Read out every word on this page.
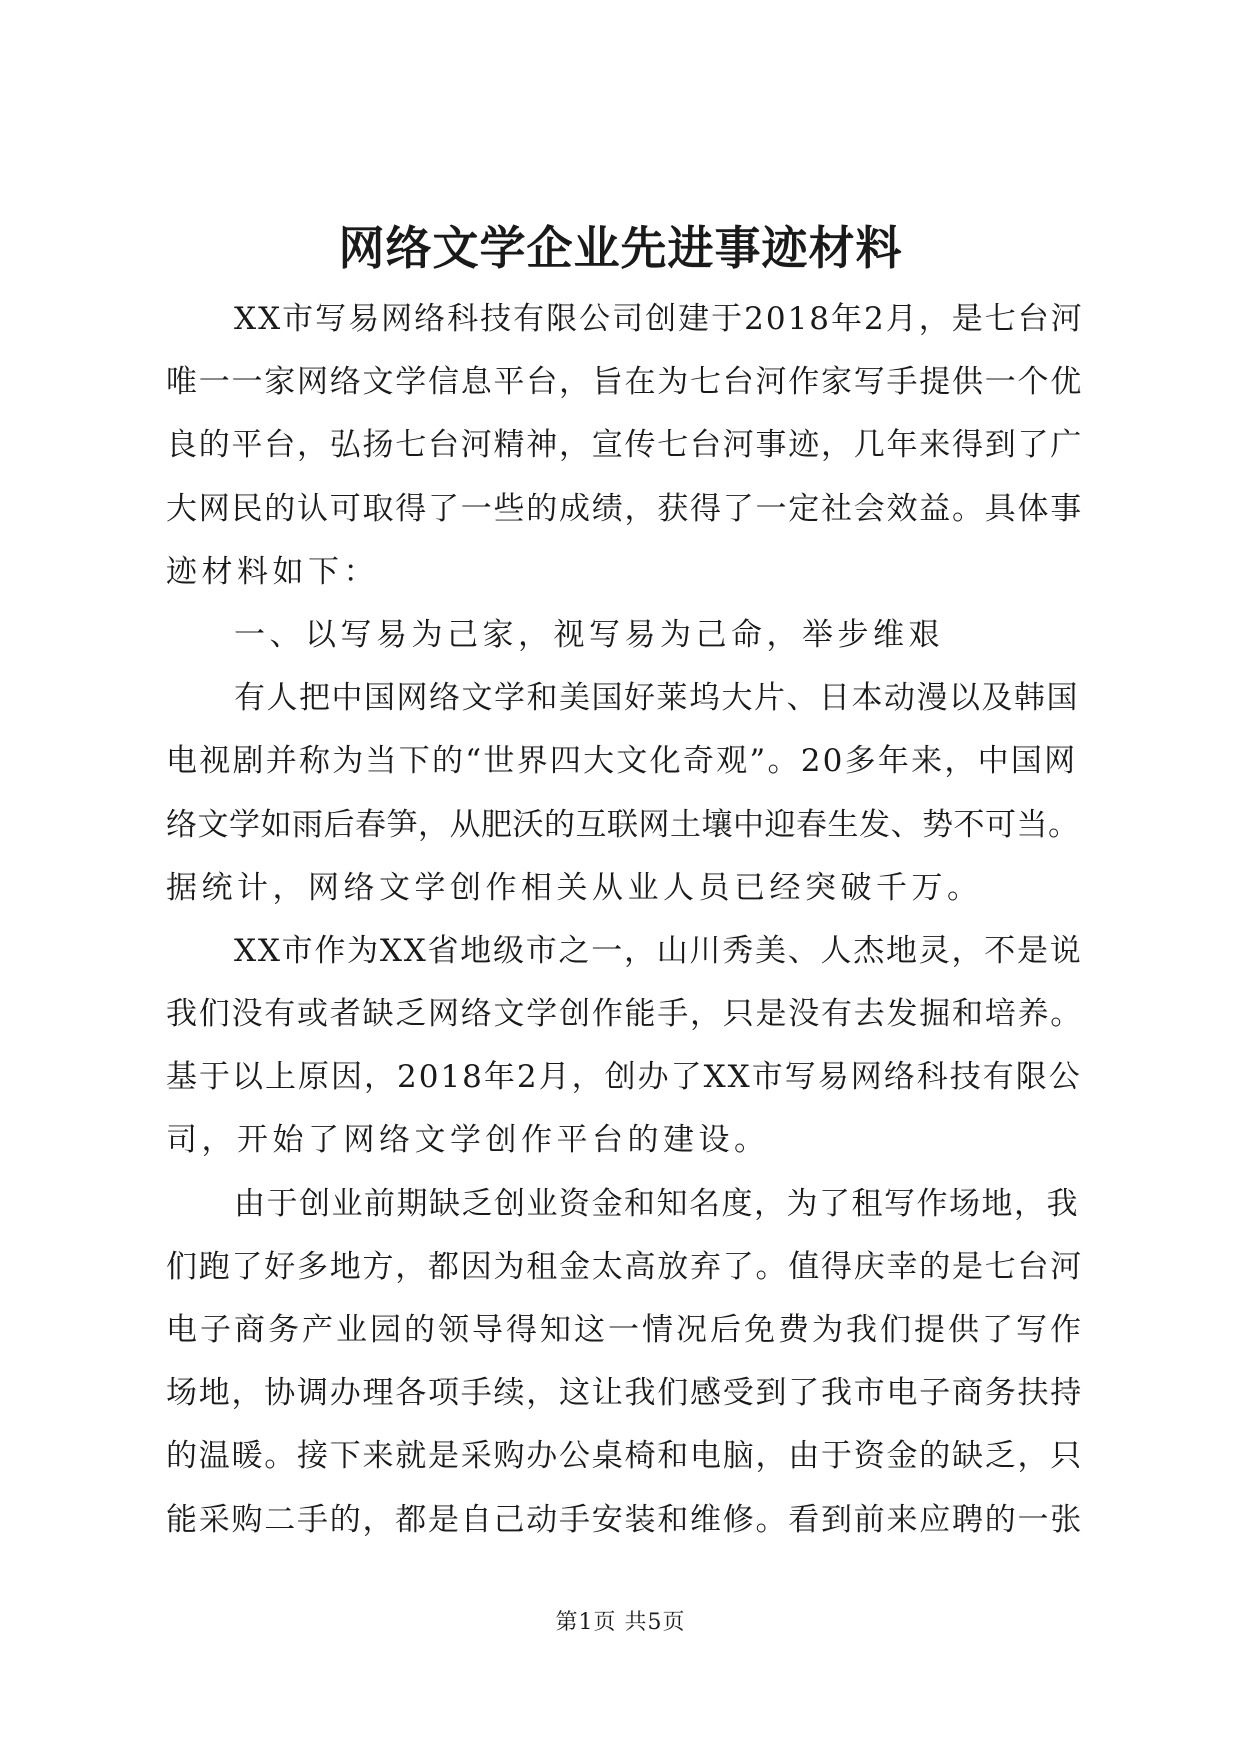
网络文学企业先进事迹材料
XX市写易网络科技有限公司创建于2018年2月，是七台河
唯一一家网络文学信息平台，旨在为七台河作家写手提供一个优
良的平台，弘扬七台河精神，宣传七台河事迹，几年来得到了广
大网民的认可取得了一些的成绩，获得了一定社会效益。具体事
迹材料如下：
一、以写易为己家，视写易为己命，举步维艰
有人把中国网络文学和美国好莱坞大片、日本动漫以及韩国
电视剧并称为当下的“世界四大文化奇观”。20多年来，中国网
络文学如雨后春笋，从肥沃的互联网土壤中迎春生发、势不可当。
据统计，网络文学创作相关从业人员已经突破千万。
XX市作为XX省地级市之一，山川秀美、人杰地灵，不是说
我们没有或者缺乏网络文学创作能手，只是没有去发掘和培养。
基于以上原因，2018年2月，创办了XX市写易网络科技有限公
司，开始了网络文学创作平台的建设。
由于创业前期缺乏创业资金和知名度，为了租写作场地，我
们跑了好多地方，都因为租金太高放弃了。值得庆幸的是七台河
电子商务产业园的领导得知这一情况后免费为我们提供了写作
场地，协调办理各项手续，这让我们感受到了我市电子商务扶持
的温暖。接下来就是采购办公桌椅和电脑，由于资金的缺乏，只
能采购二手的，都是自己动手安装和维修。看到前来应聘的一张
第1页 共5页
